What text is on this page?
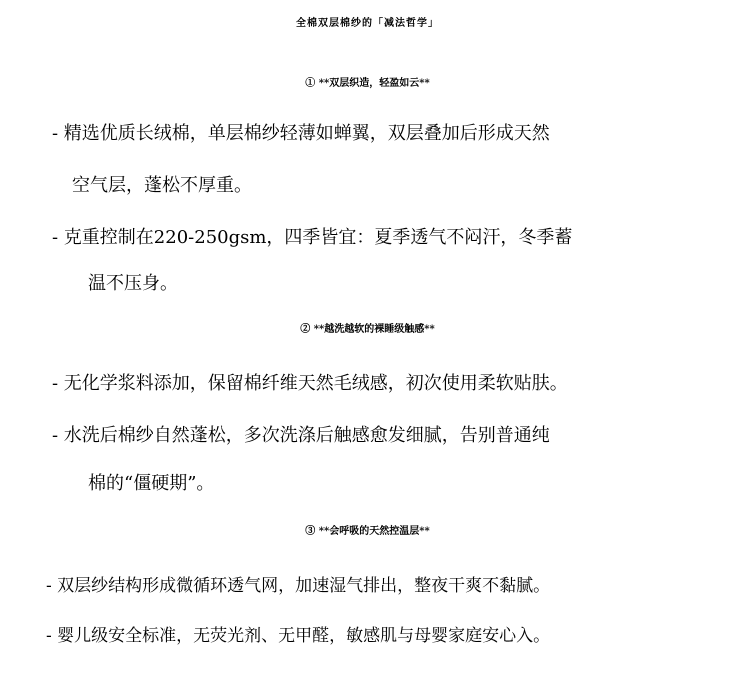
全棉双层棉纱的「减法哲学」
① **双层织造，轻盈如云**
- 精选优质长绒棉，单层棉纱轻薄如蝉翼，双层叠加后形成天然
空气层，蓬松不厚重。
- 克重控制在220-250gsm，四季皆宜：夏季透气不闷汗，冬季蓄
温不压身。
② **越洗越软的裸睡级触感**
- 无化学浆料添加，保留棉纤维天然毛绒感，初次使用柔软贴肤。
- 水洗后棉纱自然蓬松，多次洗涤后触感愈发细腻，告别普通纯
棉的“僵硬期”。
③ **会呼吸的天然控温层**
- 双层纱结构形成微循环透气网，加速湿气排出，整夜干爽不黏腻。
- 婴儿级安全标准，无荧光剂、无甲醛，敏感肌与母婴家庭安心入。
